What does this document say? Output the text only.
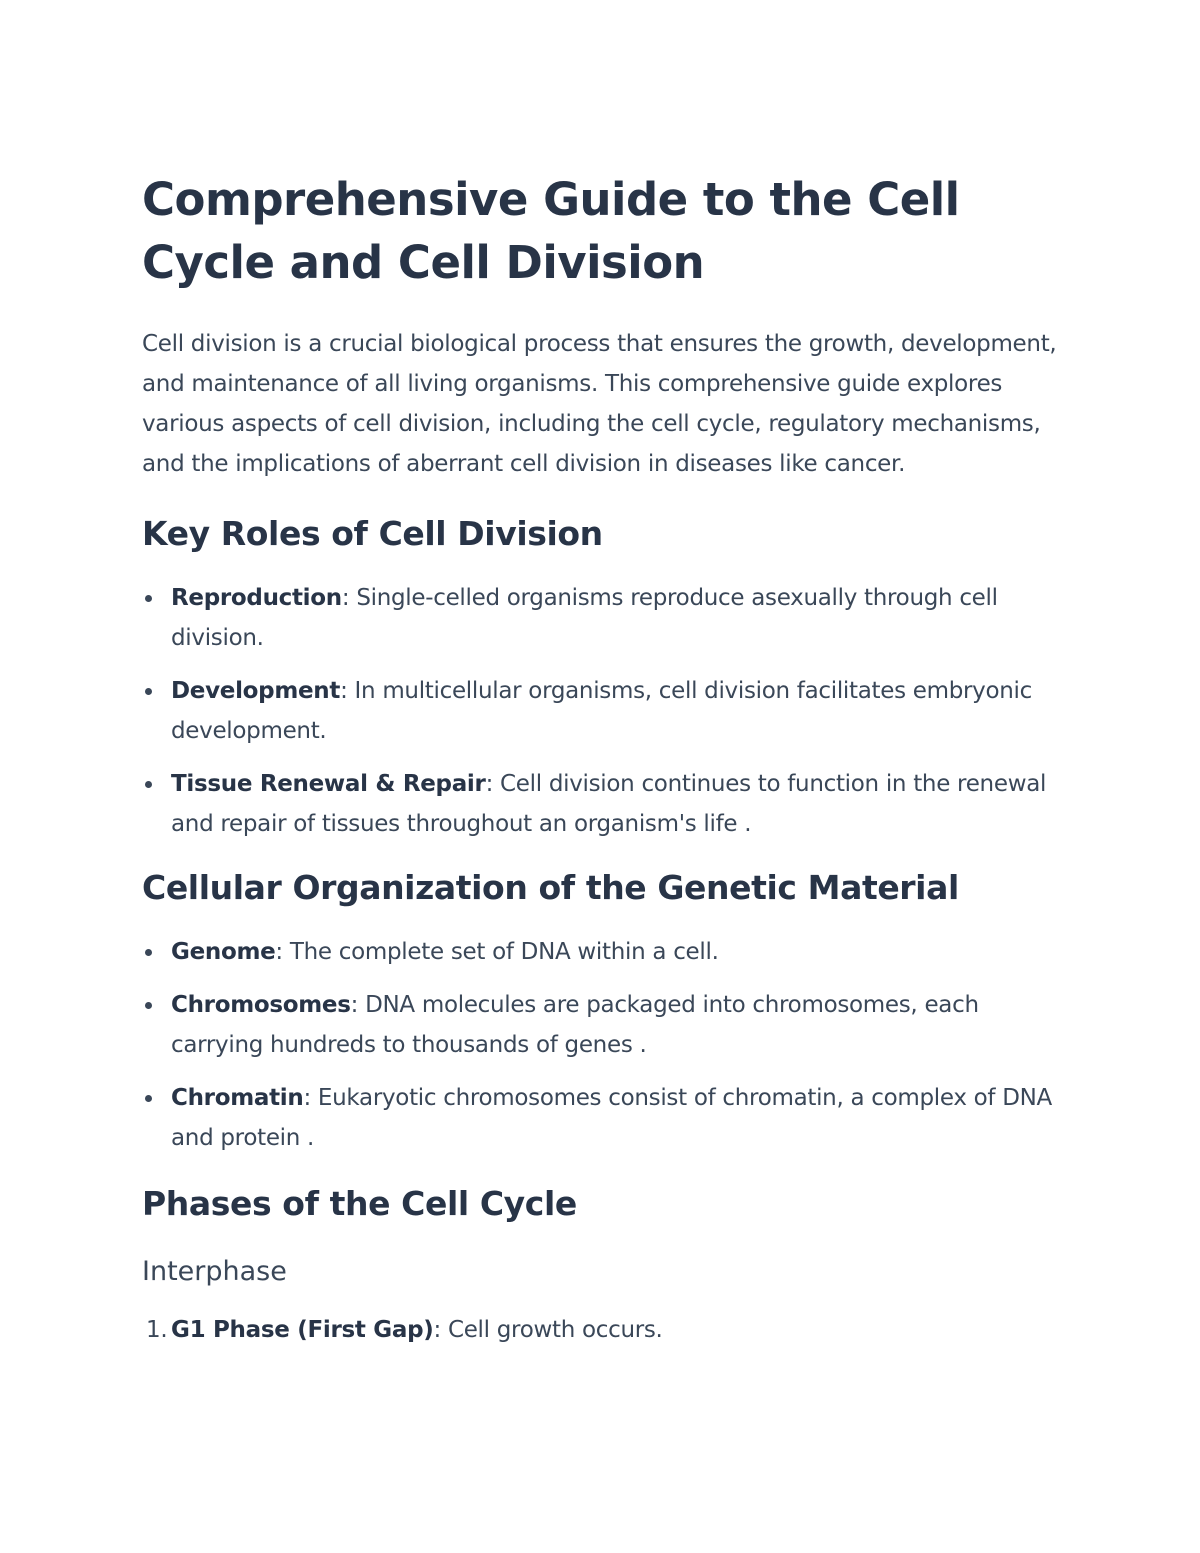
Comprehensive Guide to the Cell Cycle and Cell Division

Cell division is a crucial biological process that ensures the growth, development, and maintenance of all living organisms. This comprehensive guide explores various aspects of cell division, including the cell cycle, regulatory mechanisms, and the implications of aberrant cell division in diseases like cancer.

Key Roles of Cell Division
Reproduction: Single-celled organisms reproduce asexually through cell division.
Development: In multicellular organisms, cell division facilitates embryonic development.
Tissue Renewal & Repair: Cell division continues to function in the renewal and repair of tissues throughout an organism's life .
Cellular Organization of the Genetic Material
Genome: The complete set of DNA within a cell.
Chromosomes: DNA molecules are packaged into chromosomes, each carrying hundreds to thousands of genes .
Chromatin: Eukaryotic chromosomes consist of chromatin, a complex of DNA and protein .
Phases of the Cell Cycle
Interphase
1. G1 Phase (First Gap): Cell growth occurs.
